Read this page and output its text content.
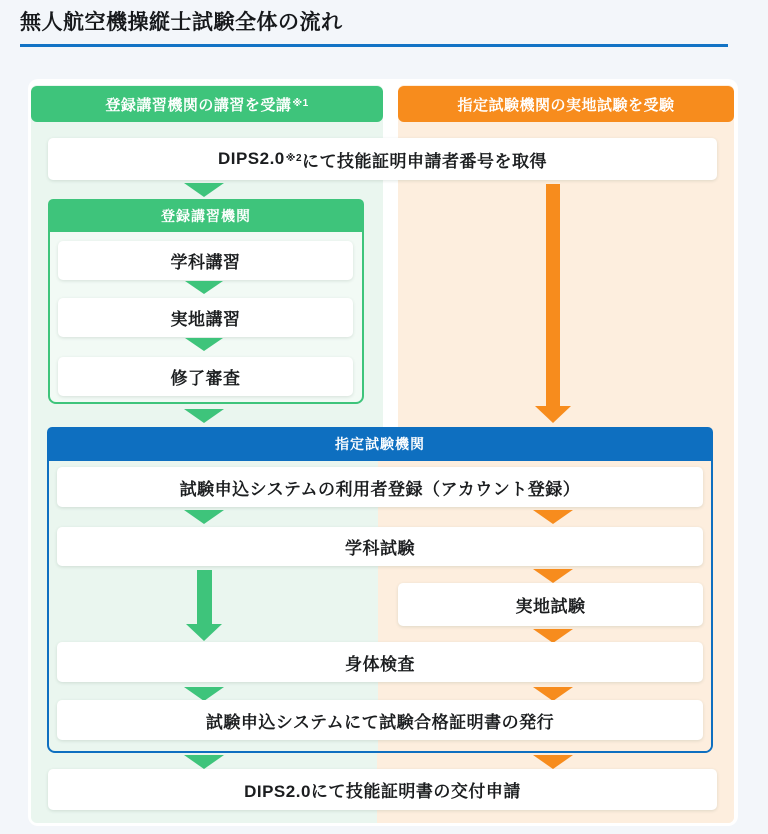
無人航空機操縦士試験全体の流れ
登録講習機関の講習を受講 ※1	指定試験機関の実地試験を受験
DIPS2.0 ※2 にて技能証明申請者番号を取得
登録講習機関
学科講習
実地講習
修了審査
指定試験機関
試験申込システムの利用者登録（アカウント登録）
学科試験
実地試験
身体検査
試験申込システムにて試験合格証明書の発行
DIPS2.0にて技能証明書の交付申請
